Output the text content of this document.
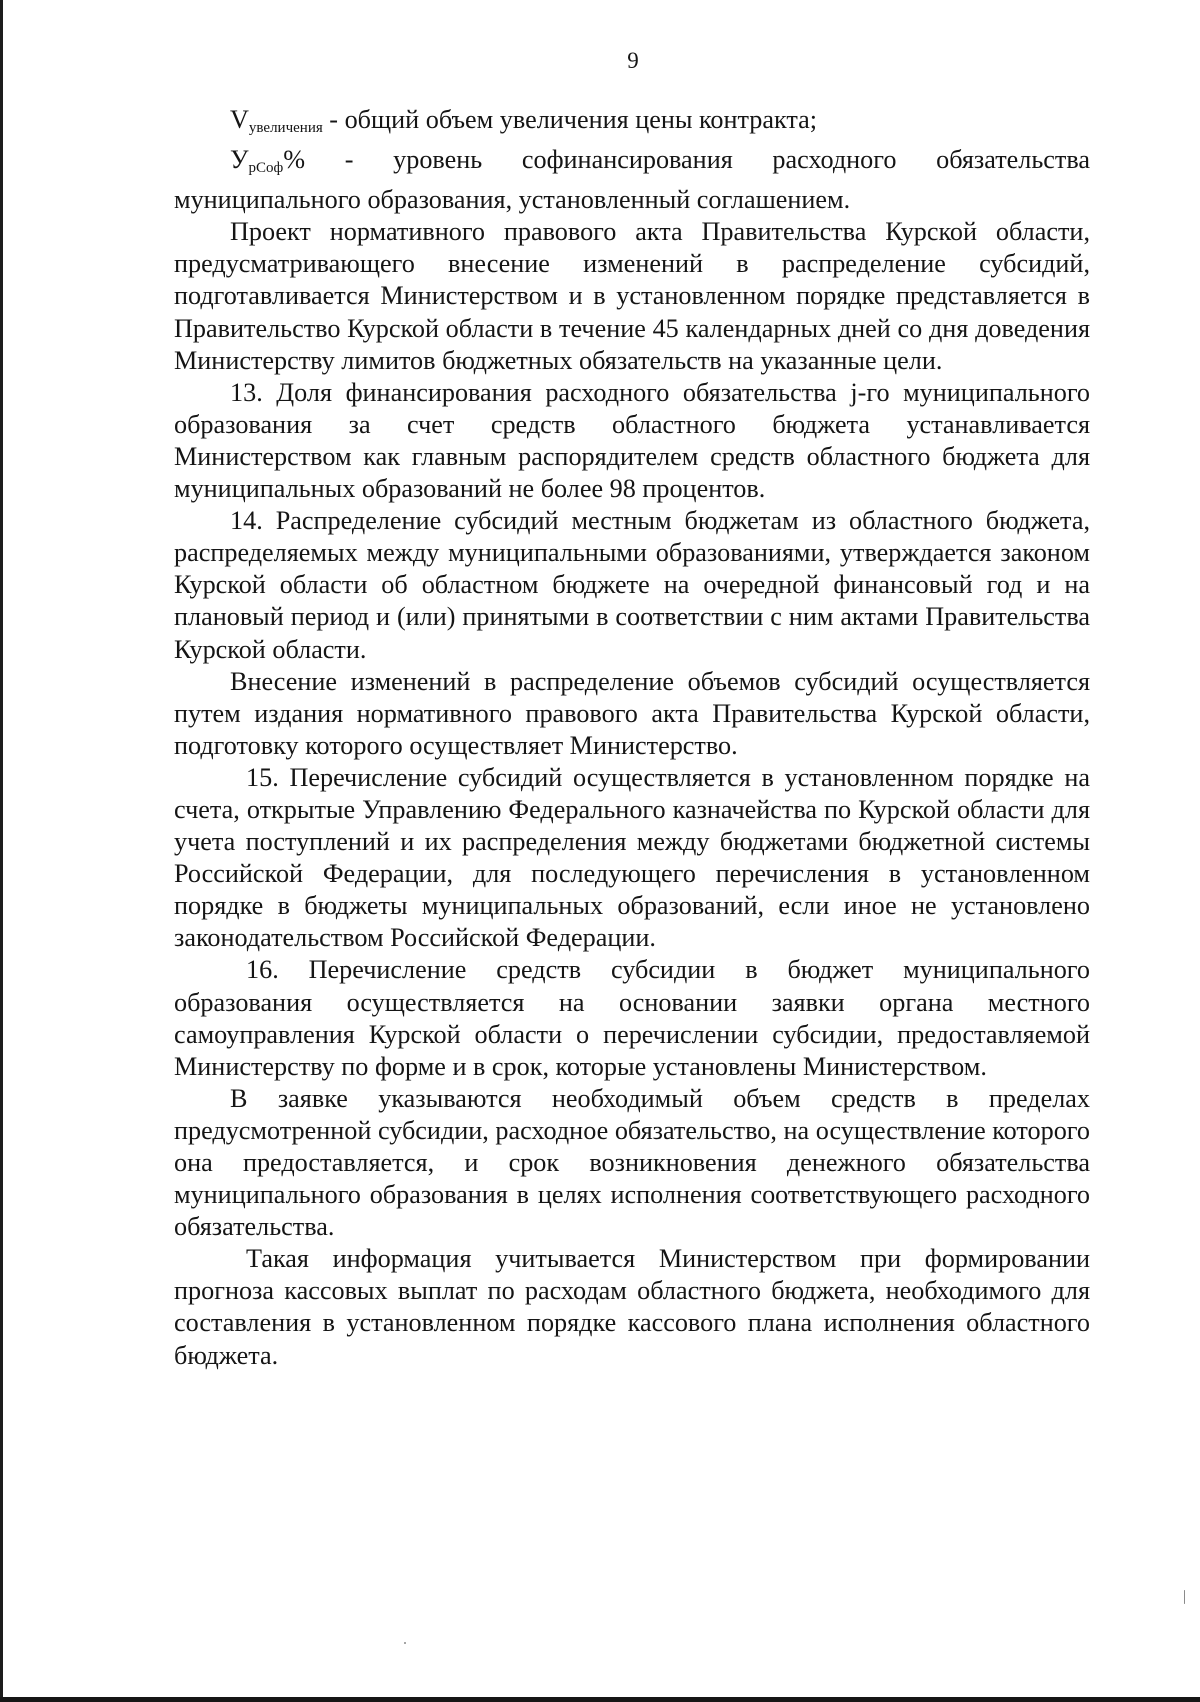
9

$V_{увеличения}$ - общий объем увеличения цены контракта;

$У_{рСоф}\%$ - уровень софинансирования расходного обязательства муниципального образования, установленный соглашением.

Проект нормативного правового акта Правительства Курской области, предусматривающего внесение изменений в распределение субсидий, подготавливается Министерством и в установленном порядке представляется в Правительство Курской области в течение 45 календарных дней со дня доведения Министерству лимитов бюджетных обязательств на указанные цели.

13. Доля финансирования расходного обязательства j-го муниципального образования за счет средств областного бюджета устанавливается Министерством как главным распорядителем средств областного бюджета для муниципальных образований не более 98 процентов.

14. Распределение субсидий местным бюджетам из областного бюджета, распределяемых между муниципальными образованиями, утверждается законом Курской области об областном бюджете на очередной финансовый год и на плановый период и (или) принятыми в соответствии с ним актами Правительства Курской области.

Внесение изменений в распределение объемов субсидий осуществляется путем издания нормативного правового акта Правительства Курской области, подготовку которого осуществляет Министерство.

15. Перечисление субсидий осуществляется в установленном порядке на счета, открытые Управлению Федерального казначейства по Курской области для учета поступлений и их распределения между бюджетами бюджетной системы Российской Федерации, для последующего перечисления в установленном порядке в бюджеты муниципальных образований, если иное не установлено законодательством Российской Федерации.

16. Перечисление средств субсидии в бюджет муниципального образования осуществляется на основании заявки органа местного самоуправления Курской области о перечислении субсидии, предоставляемой Министерству по форме и в срок, которые установлены Министерством.

В заявке указываются необходимый объем средств в пределах предусмотренной субсидии, расходное обязательство, на осуществление которого она предоставляется, и срок возникновения денежного обязательства муниципального образования в целях исполнения соответствующего расходного обязательства.

Такая информация учитывается Министерством при формировании прогноза кассовых выплат по расходам областного бюджета, необходимого для составления в установленном порядке кассового плана исполнения областного бюджета.
